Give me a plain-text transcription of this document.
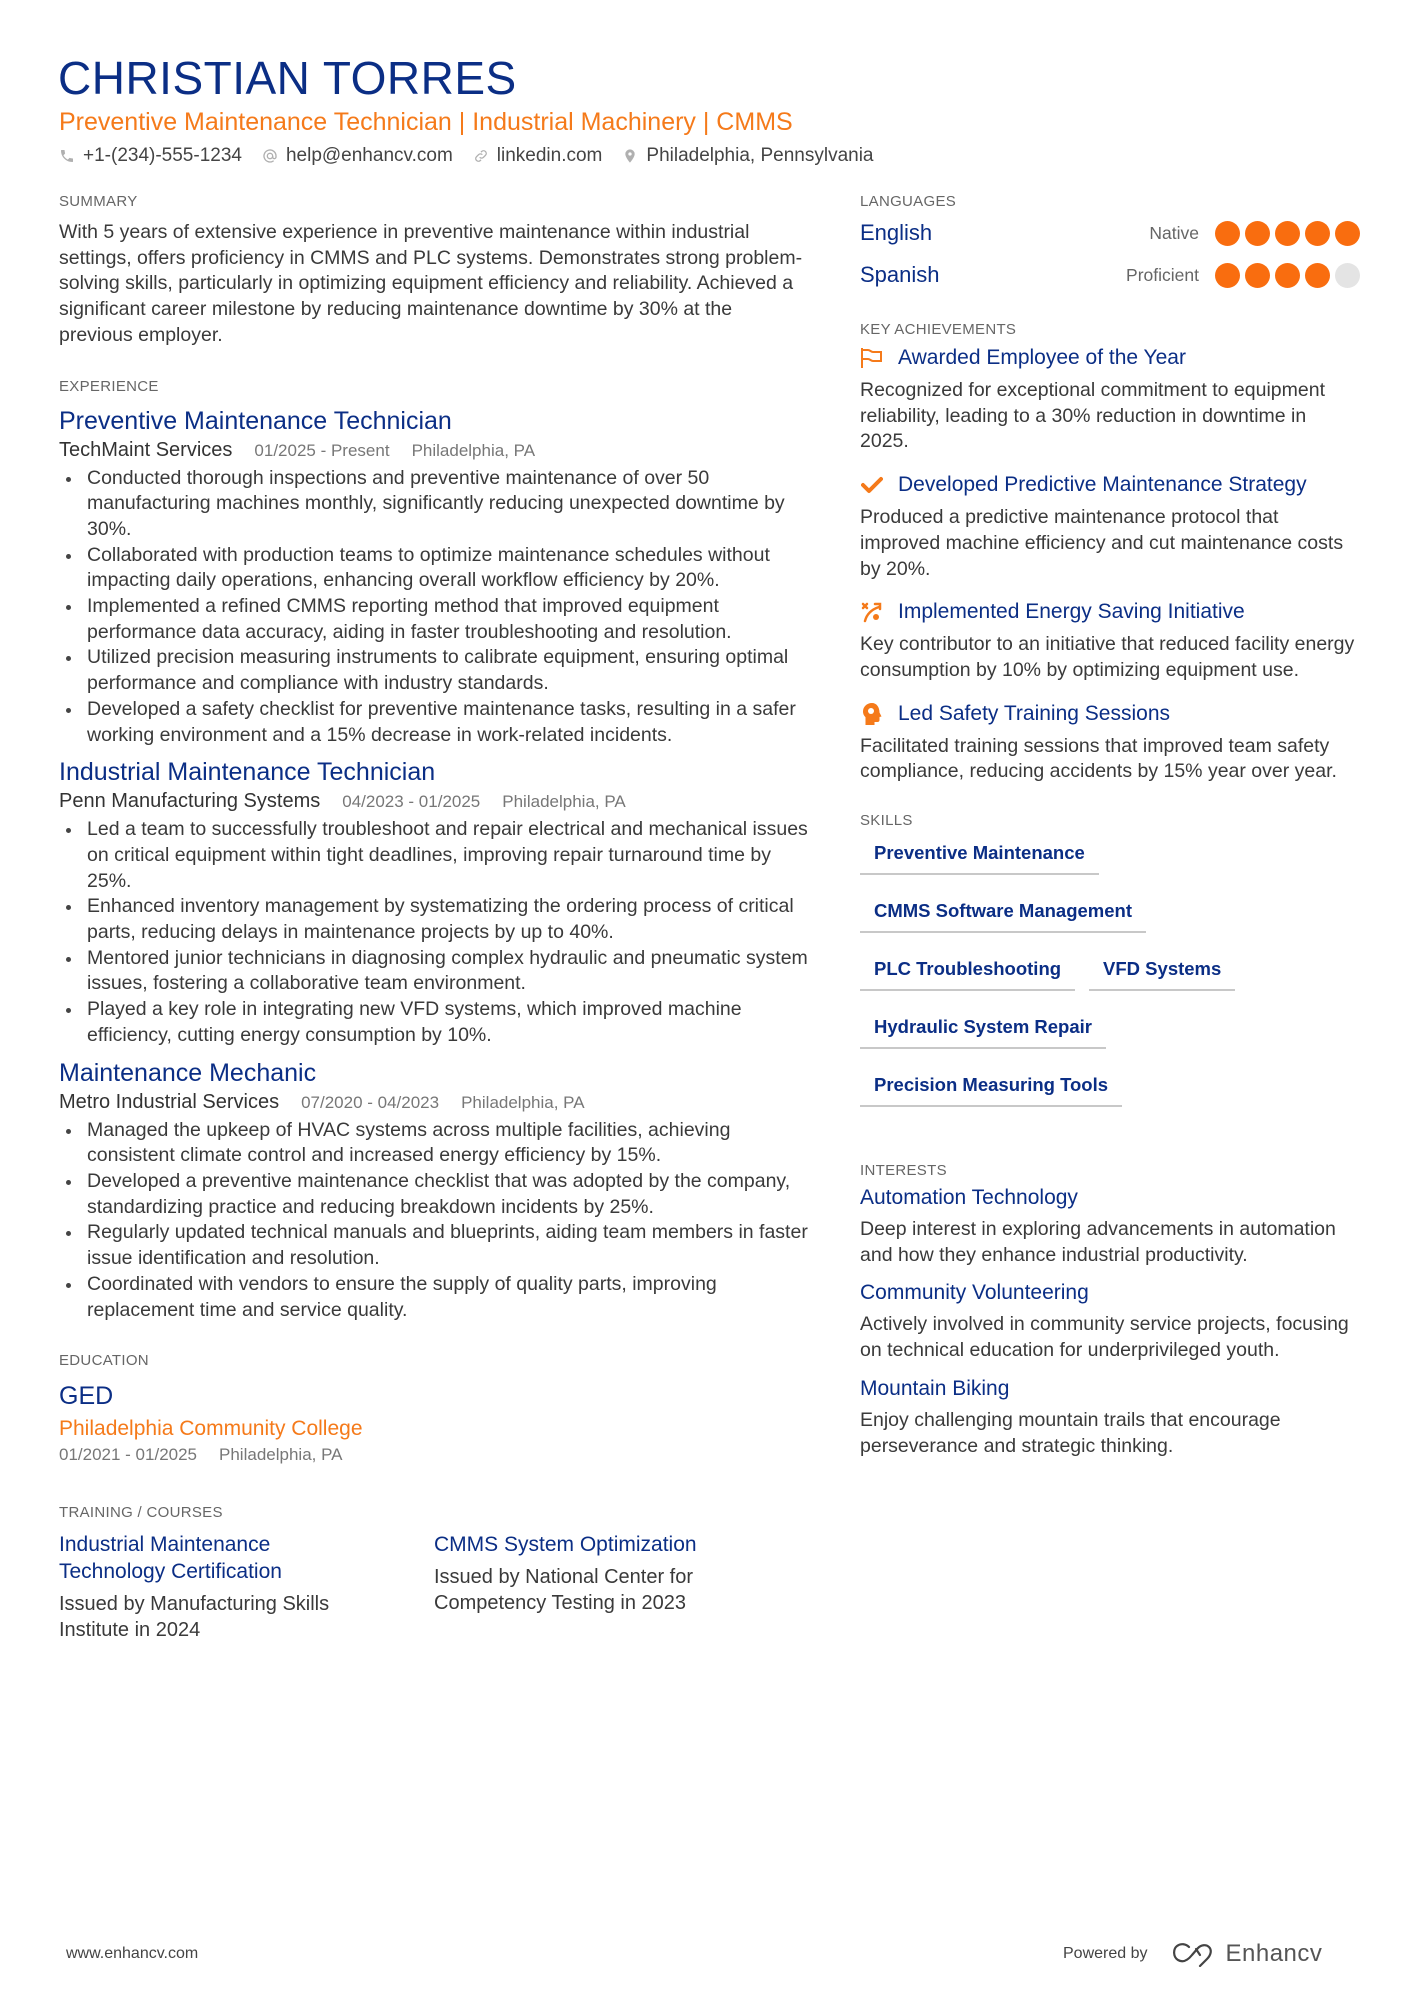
CHRISTIAN TORRES
Preventive Maintenance Technician | Industrial Machinery | CMMS
+1-(234)-555-1234 help@enhancv.com linkedin.com Philadelphia, Pennsylvania
SUMMARY
With 5 years of extensive experience in preventive maintenance within industrial settings, offers proficiency in CMMS and PLC systems. Demonstrates strong problem-solving skills, particularly in optimizing equipment efficiency and reliability. Achieved a significant career milestone by reducing maintenance downtime by 30% at the previous employer.
EXPERIENCE
Preventive Maintenance Technician
TechMaint Services 01/2025 - Present Philadelphia, PA
Conducted thorough inspections and preventive maintenance of over 50 manufacturing machines monthly, significantly reducing unexpected downtime by 30%.
Collaborated with production teams to optimize maintenance schedules without impacting daily operations, enhancing overall workflow efficiency by 20%.
Implemented a refined CMMS reporting method that improved equipment performance data accuracy, aiding in faster troubleshooting and resolution.
Utilized precision measuring instruments to calibrate equipment, ensuring optimal performance and compliance with industry standards.
Developed a safety checklist for preventive maintenance tasks, resulting in a safer working environment and a 15% decrease in work-related incidents.
Industrial Maintenance Technician
Penn Manufacturing Systems 04/2023 - 01/2025 Philadelphia, PA
Led a team to successfully troubleshoot and repair electrical and mechanical issues on critical equipment within tight deadlines, improving repair turnaround time by 25%.
Enhanced inventory management by systematizing the ordering process of critical parts, reducing delays in maintenance projects by up to 40%.
Mentored junior technicians in diagnosing complex hydraulic and pneumatic system issues, fostering a collaborative team environment.
Played a key role in integrating new VFD systems, which improved machine efficiency, cutting energy consumption by 10%.
Maintenance Mechanic
Metro Industrial Services 07/2020 - 04/2023 Philadelphia, PA
Managed the upkeep of HVAC systems across multiple facilities, achieving consistent climate control and increased energy efficiency by 15%.
Developed a preventive maintenance checklist that was adopted by the company, standardizing practice and reducing breakdown incidents by 25%.
Regularly updated technical manuals and blueprints, aiding team members in faster issue identification and resolution.
Coordinated with vendors to ensure the supply of quality parts, improving replacement time and service quality.
EDUCATION
GED
Philadelphia Community College
01/2021 - 01/2025 Philadelphia, PA
TRAINING / COURSES
Industrial Maintenance Technology Certification
Issued by Manufacturing Skills Institute in 2024
CMMS System Optimization
Issued by National Center for Competency Testing in 2023
LANGUAGES
English	Native
Spanish	Proficient
KEY ACHIEVEMENTS
Awarded Employee of the Year
Recognized for exceptional commitment to equipment reliability, leading to a 30% reduction in downtime in 2025.
Developed Predictive Maintenance Strategy
Produced a predictive maintenance protocol that improved machine efficiency and cut maintenance costs by 20%.
Implemented Energy Saving Initiative
Key contributor to an initiative that reduced facility energy consumption by 10% by optimizing equipment use.
Led Safety Training Sessions
Facilitated training sessions that improved team safety compliance, reducing accidents by 15% year over year.
SKILLS
Preventive Maintenance
CMMS Software Management
PLC Troubleshooting	VFD Systems
Hydraulic System Repair
Precision Measuring Tools
INTERESTS
Automation Technology
Deep interest in exploring advancements in automation and how they enhance industrial productivity.
Community Volunteering
Actively involved in community service projects, focusing on technical education for underprivileged youth.
Mountain Biking
Enjoy challenging mountain trails that encourage perseverance and strategic thinking.
www.enhancv.com	Powered by	Enhancv
